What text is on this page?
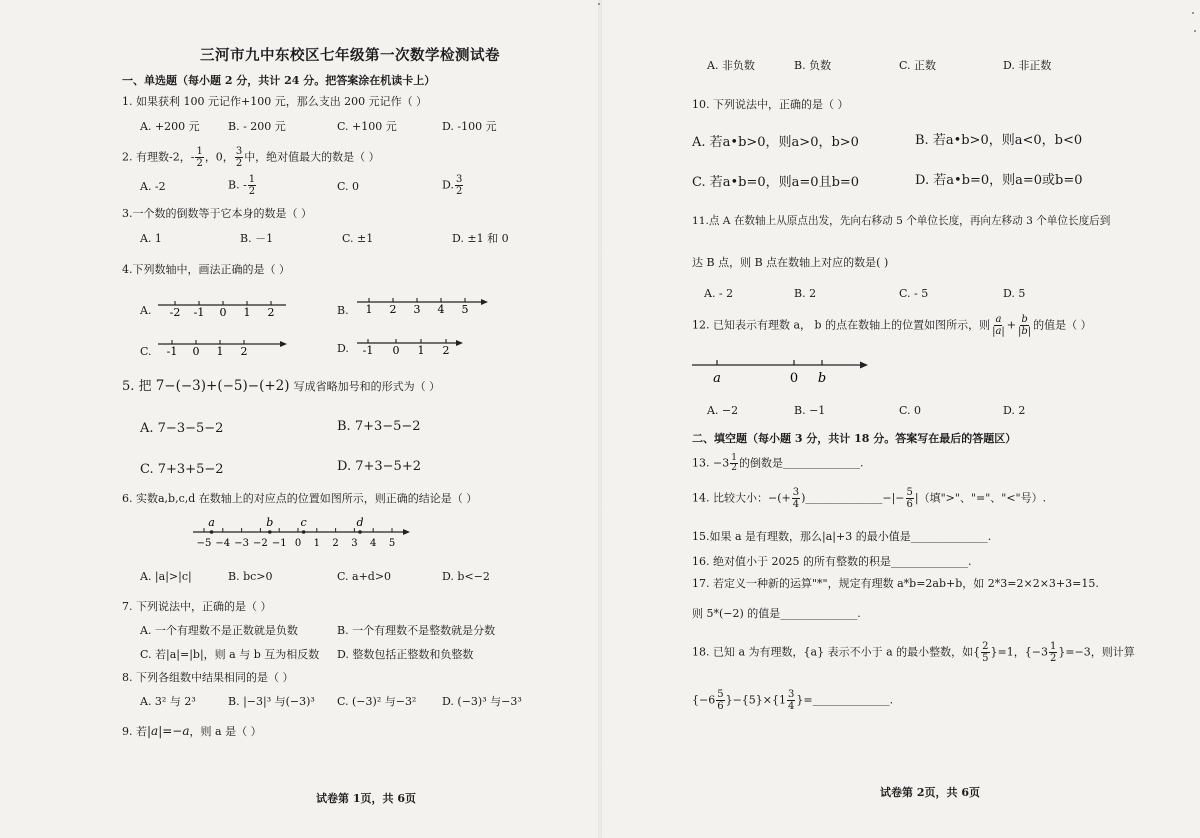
三河市九中东校区七年级第一次数学检测试卷
一、单选题（每小题 2 分，共计 24 分。把答案涂在机读卡上）
1. 如果获利 100 元记作+100 元，那么支出 200 元记作（ ）
A. +200 元	B. - 200 元	C. +100 元	D. -100 元
2. 有理数-2，- $\frac{1}{2}$ ，0， $\frac{3}{2}$ 中，绝对值最大的数是（ ）
A. -2	B. - $\frac{1}{2}$	C. 0	D. $\frac{3}{2}$
3.一个数的倒数等于它本身的数是（ ）
A. 1	B. －1	C. ±1	D. ±1 和 0
4.下列数轴中，画法正确的是（ ）
A.	B.
C.	D.
-2 -1 0 1 2	1 2 3 4 5
-1 0 1 2	-1 0 1 2
5. 把 7−(−3)+(−5)−(+2) 写成省略加号和的形式为（ ）
A. 7−3−5−2	B. 7+3−5−2
C. 7+3+5−2	D. 7+3−5+2
6. 实数a,b,c,d 在数轴上的对应点的位置如图所示，则正确的结论是（ ）
−5 −4 −3 −2 −1 0 1 2 3 4 5
a	b c	d
A. |a|>|c|	B. bc>0	C. a+d>0	D. b<−2
7. 下列说法中，正确的是（ ）
A. 一个有理数不是正数就是负数	B. 一个有理数不是整数就是分数
C. 若|a|=|b|，则 a 与 b 互为相反数 D. 整数包括正整数和负整数
8. 下列各组数中结果相同的是（ ）
A. 3² 与 2³	B. |−3|³ 与(−3)³ C. (−3)² 与−3² D. (−3)³ 与−3³
9. 若|a|=−a，则 a 是（ ）
试卷第 1页，共 6页
A. 非负数	B. 负数	C. 正数	D. 非正数
10. 下列说法中，正确的是（ ）
A. 若a•b>0，则a>0，b>0	B. 若a•b>0，则a<0，b<0
C. 若a•b=0，则a=0且b=0	D. 若a•b=0，则a=0或b=0
11.点 A 在数轴上从原点出发，先向右移动 5 个单位长度，再向左移动 3 个单位长度后到
达 B 点，则 B 点在数轴上对应的数是( )
A. - 2	B. 2	C. - 5	D. 5
12. 已知表示有理数 a， b 的点在数轴上的位置如图所示，则 $\frac{a}{|a|} + \frac{b}{|b|}$ 的值是（ ）
a	0 b
A. −2	B. −1	C. 0	D. 2
二、填空题（每小题 3 分，共计 18 分。答案写在最后的答题区）
13. $-3 \frac{1}{2}$ 的倒数是______________.
14. 比较大小：−(+ $\frac{3}{4}$ )______________−|− $\frac{5}{6}$ |（填">"、"="、"<"号）.
15.如果 a 是有理数，那么|a|+3 的最小值是______________.
16. 绝对值小于 2025 的所有整数的积是______________.
17. 若定义一种新的运算"*"，规定有理数 a*b=2ab+b，如 2*3=2×2×3+3=15.
则 5*(−2) 的值是______________.
18. 已知 a 为有理数，{a} 表示不小于 a 的最小整数，如{ $\frac{2}{5} \}=1$，$\{-3 \frac{1}{2} \}=-3$，则计算
$\{-6 \frac{5}{6} \}-\{5\}\times\{1 \frac{3}{4}$ }=______________.
试卷第 2页，共 6页
